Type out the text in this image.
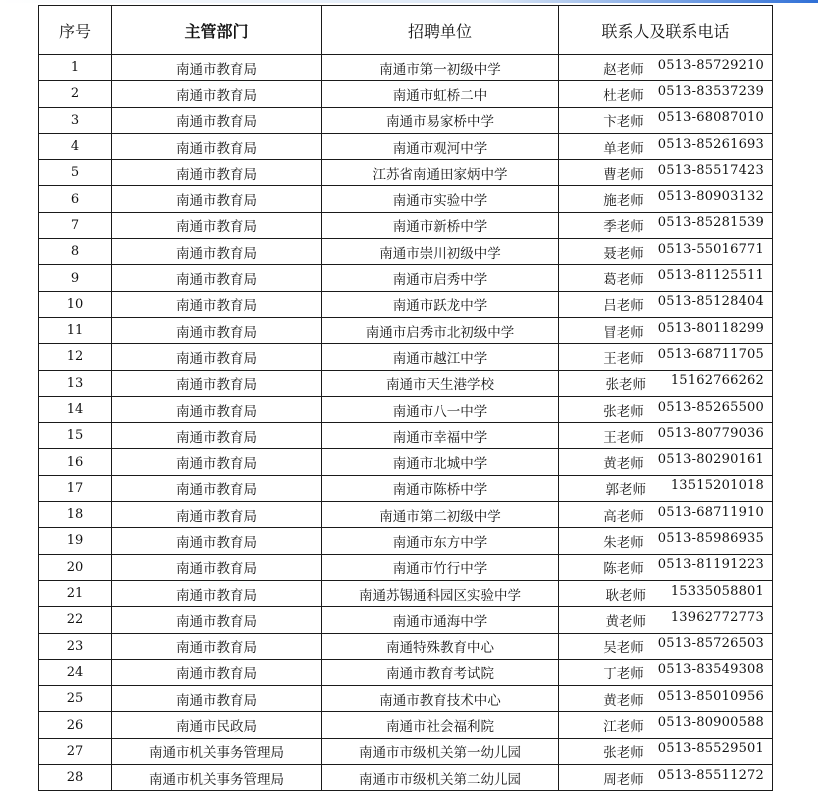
序号	主管部门	招聘单位	联系人及联系电话
1	南通市教育局	南通市第一初级中学	赵老师 0513-85729210

2	南通市教育局	南通市虹桥二中	杜老师 0513-83537239

3	南通市教育局	南通市易家桥中学	卞老师 0513-68087010

4	南通市教育局	南通市观河中学	单老师 0513-85261693

5	南通市教育局	江苏省南通田家炳中学	曹老师 0513-85517423

6	南通市教育局	南通市实验中学	施老师 0513-80903132

7	南通市教育局	南通市新桥中学	季老师 0513-85281539

8	南通市教育局	南通市崇川初级中学	聂老师 0513-55016771

9	南通市教育局	南通市启秀中学	葛老师 0513-81125511

10	南通市教育局	南通市跃龙中学	吕老师 0513-85128404

11	南通市教育局	南通市启秀市北初级中学	冒老师 0513-80118299

12	南通市教育局	南通市越江中学	王老师 0513-68711705

13	南通市教育局	南通市天生港学校	张老师 15162766262

14	南通市教育局	南通市八一中学	张老师 0513-85265500

15	南通市教育局	南通市幸福中学	王老师 0513-80779036

16	南通市教育局	南通市北城中学	黄老师 0513-80290161

17	南通市教育局	南通市陈桥中学	郭老师 13515201018

18	南通市教育局	南通市第二初级中学	高老师 0513-68711910

19	南通市教育局	南通市东方中学	朱老师 0513-85986935

20	南通市教育局	南通市竹行中学	陈老师 0513-81191223

21	南通市教育局	南通苏锡通科园区实验中学	耿老师 15335058801

22	南通市教育局	南通市通海中学	黄老师 13962772773

23	南通市教育局	南通特殊教育中心	吴老师 0513-85726503

24	南通市教育局	南通市教育考试院	丁老师 0513-83549308

25	南通市教育局	南通市教育技术中心	黄老师 0513-85010956

26	南通市民政局	南通市社会福利院	江老师 0513-80900588

27	南通市机关事务管理局	南通市市级机关第一幼儿园	张老师 0513-85529501

28	南通市机关事务管理局	南通市市级机关第二幼儿园	周老师 0513-85511272
